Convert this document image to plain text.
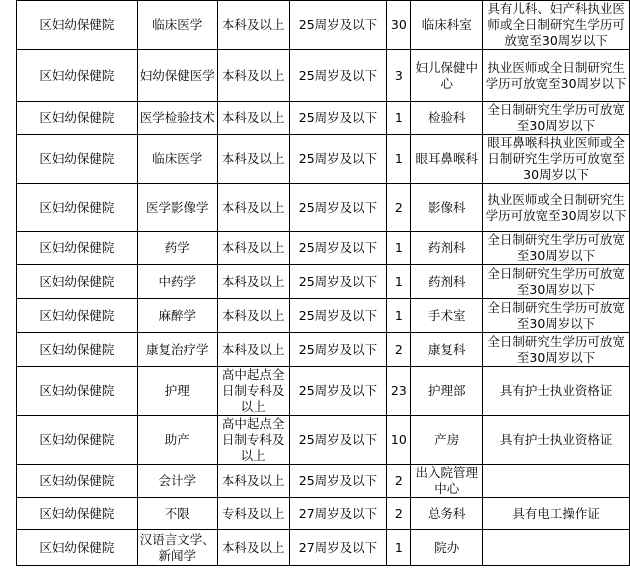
区妇幼保健院	临床医学	本科及以上	25周岁及以下	30	临床科室	具有儿科、妇产科执业医师或全日制研究生学历可放宽至30周岁以下
区妇幼保健院	妇幼保健医学	本科及以上	25周岁及以下	3	妇儿保健中心	执业医师或全日制研究生学历可放宽至30周岁以下
区妇幼保健院	医学检验技术	本科及以上	25周岁及以下	1	检验科	全日制研究生学历可放宽至30周岁以下
区妇幼保健院	临床医学	本科及以上	25周岁及以下	1	眼耳鼻喉科	眼耳鼻喉科执业医师或全日制研究生学历可放宽至30周岁以下
区妇幼保健院	医学影像学	本科及以上	25周岁及以下	2	影像科	执业医师或全日制研究生学历可放宽至30周岁以下
区妇幼保健院	药学	本科及以上	25周岁及以下	1	药剂科	全日制研究生学历可放宽至30周岁以下
区妇幼保健院	中药学	本科及以上	25周岁及以下	1	药剂科	全日制研究生学历可放宽至30周岁以下
区妇幼保健院	麻醉学	本科及以上	25周岁及以下	1	手术室	全日制研究生学历可放宽至30周岁以下
区妇幼保健院	康复治疗学	本科及以上	25周岁及以下	2	康复科	全日制研究生学历可放宽至30周岁以下
区妇幼保健院	护理	高中起点全日制专科及以上	25周岁及以下	23	护理部	具有护士执业资格证
区妇幼保健院	助产	高中起点全日制专科及以上	25周岁及以下	10	产房	具有护士执业资格证
区妇幼保健院	会计学	本科及以上	25周岁及以下	2	出入院管理中心	
区妇幼保健院	不限	专科及以上	27周岁及以下	2	总务科	具有电工操作证
区妇幼保健院	汉语言文学、新闻学	本科及以上	27周岁及以下	1	院办	
